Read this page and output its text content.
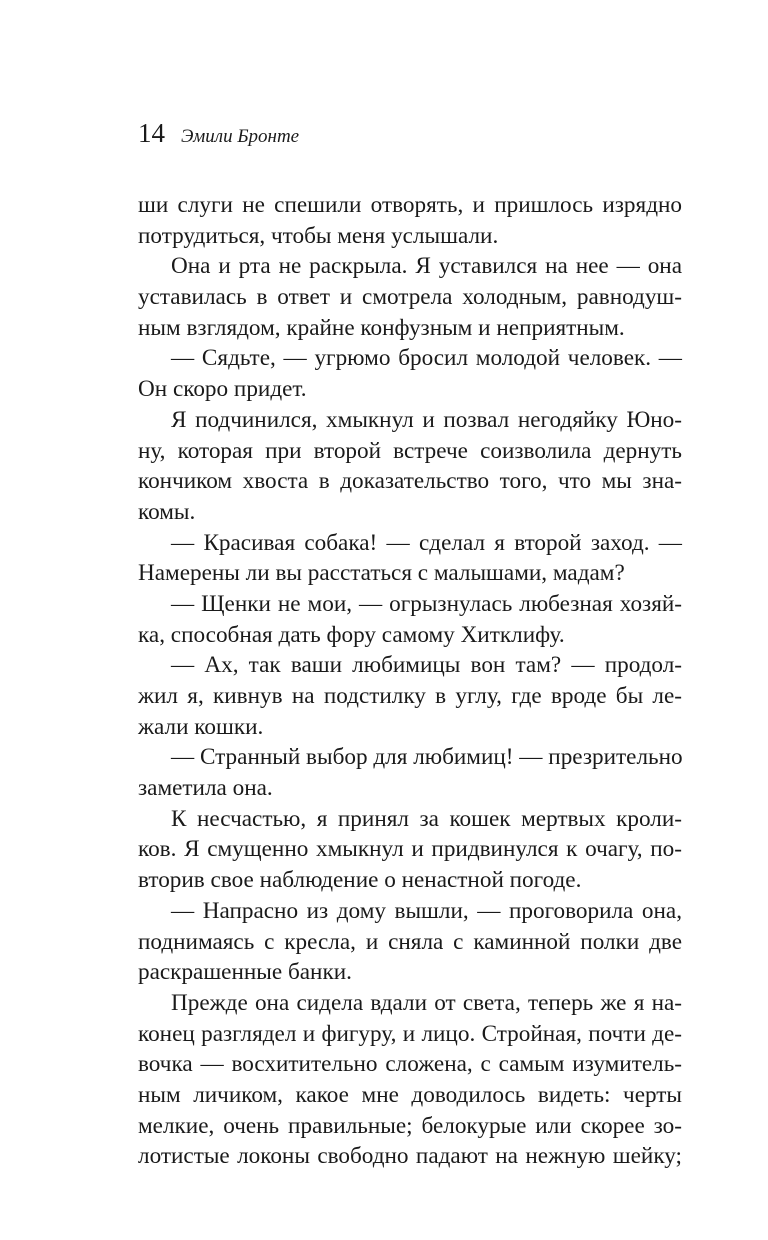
14 Эмили Бронте
ши слуги не спешили отворять, и пришлось изрядно
потрудиться, чтобы меня услышали.
Она и рта не раскрыла. Я уставился на нее — она
уставилась в ответ и смотрела холодным, равнодуш-
ным взглядом, крайне конфузным и неприятным.
— Сядьте, — угрюмо бросил молодой человек. —
Он скоро придет.
Я подчинился, хмыкнул и позвал негодяйку Юно-
ну, которая при второй встрече соизволила дернуть
кончиком хвоста в доказательство того, что мы зна-
комы.
— Красивая собака! — сделал я второй заход. —
Намерены ли вы расстаться с малышами, мадам?
— Щенки не мои, — огрызнулась любезная хозяй-
ка, способная дать фору самому Хитклифу.
— Ах, так ваши любимицы вон там? — продол-
жил я, кивнув на подстилку в углу, где вроде бы ле-
жали кошки.
— Странный выбор для любимиц! — презрительно
заметила она.
К несчастью, я принял за кошек мертвых кроли-
ков. Я смущенно хмыкнул и придвинулся к очагу, по-
вторив свое наблюдение о ненастной погоде.
— Напрасно из дому вышли, — проговорила она,
поднимаясь с кресла, и сняла с каминной полки две
раскрашенные банки.
Прежде она сидела вдали от света, теперь же я на-
конец разглядел и фигуру, и лицо. Стройная, почти де-
вочка — восхитительно сложена, с самым изумитель-
ным личиком, какое мне доводилось видеть: черты
мелкие, очень правильные; белокурые или скорее зо-
лотистые локоны свободно падают на нежную шейку;
